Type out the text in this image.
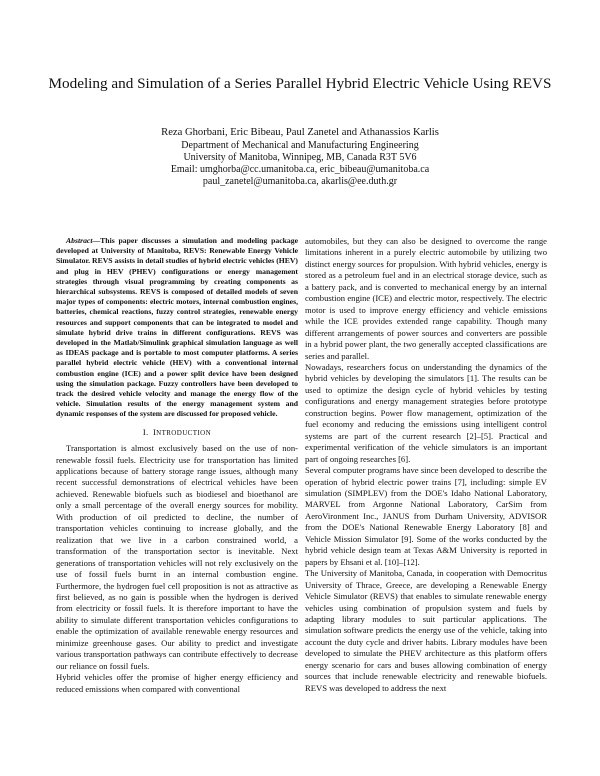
Modeling and Simulation of a Series Parallel Hybrid Electric Vehicle Using REVS
Reza Ghorbani, Eric Bibeau, Paul Zanetel and Athanassios Karlis
Department of Mechanical and Manufacturing Engineering
University of Manitoba, Winnipeg, MB, Canada R3T 5V6
Email: umghorba@cc.umanitoba.ca, eric_bibeau@umanitoba.ca
paul_zanetel@umanitoba.ca, akarlis@ee.duth.gr

Abstract—This paper discusses a simulation and modeling package developed at University of Manitoba, REVS: Renewable Energy Vehicle Simulator. REVS assists in detail studies of hybrid electric vehicles (HEV) and plug in HEV (PHEV) configurations or energy management strategies through visual programming by creating components as hierarchical subsystems. REVS is composed of detailed models of seven major types of components: electric motors, internal combustion engines, batteries, chemical reactions, fuzzy control strategies, renewable energy resources and support components that can be integrated to model and simulate hybrid drive trains in different configurations. REVS was developed in the Matlab/Simulink graphical simulation language as well as IDEAS package and is portable to most computer platforms. A series parallel hybrid electric vehicle (HEV) with a conventional internal combustion engine (ICE) and a power split device have been designed using the simulation package. Fuzzy controllers have been developed to track the desired vehicle velocity and manage the energy flow of the vehicle. Simulation results of the energy management system and dynamic responses of the system are discussed for proposed vehicle.

I. INTRODUCTION

Transportation is almost exclusively based on the use of non-renewable fossil fuels. Electricity use for transportation has limited applications because of battery storage range issues, although many recent successful demonstrations of electrical vehicles have been achieved. Renewable biofuels such as biodiesel and bioethanol are only a small percentage of the overall energy sources for mobility. With production of oil predicted to decline, the number of transportation vehicles continuing to increase globally, and the realization that we live in a carbon constrained world, a transformation of the transportation sector is inevitable. Next generations of transportation vehicles will not rely exclusively on the use of fossil fuels burnt in an internal combustion engine. Furthermore, the hydrogen fuel cell proposition is not as attractive as first believed, as no gain is possible when the hydrogen is derived from electricity or fossil fuels. It is therefore important to have the ability to simulate different transportation vehicles configurations to enable the optimization of available renewable energy resources and minimize greenhouse gases. Our ability to predict and investigate various transportation pathways can contribute effectively to decrease our reliance on fossil fuels.

Hybrid vehicles offer the promise of higher energy efficiency and reduced emissions when compared with conventional

automobiles, but they can also be designed to overcome the range limitations inherent in a purely electric automobile by utilizing two distinct energy sources for propulsion. With hybrid vehicles, energy is stored as a petroleum fuel and in an electrical storage device, such as a battery pack, and is converted to mechanical energy by an internal combustion engine (ICE) and electric motor, respectively. The electric motor is used to improve energy efficiency and vehicle emissions while the ICE provides extended range capability. Though many different arrangements of power sources and converters are possible in a hybrid power plant, the two generally accepted classifications are series and parallel.

Nowadays, researchers focus on understanding the dynamics of the hybrid vehicles by developing the simulators [1]. The results can be used to optimize the design cycle of hybrid vehicles by testing configurations and energy management strategies before prototype construction begins. Power flow management, optimization of the fuel economy and reducing the emissions using intelligent control systems are part of the current research [2]–[5]. Practical and experimental verification of the vehicle simulators is an important part of ongoing researches [6].

Several computer programs have since been developed to describe the operation of hybrid electric power trains [7], including: simple EV simulation (SIMPLEV) from the DOE's Idaho National Laboratory, MARVEL from Argonne National Laboratory, CarSim from AeroVironment Inc., JANUS from Durham University, ADVISOR from the DOE's National Renewable Energy Laboratory [8] and Vehicle Mission Simulator [9]. Some of the works conducted by the hybrid vehicle design team at Texas A&M University is reported in papers by Ehsani et al. [10]–[12].

The University of Manitoba, Canada, in cooperation with Democritus University of Thrace, Greece, are developing a Renewable Energy Vehicle Simulator (REVS) that enables to simulate renewable energy vehicles using combination of propulsion system and fuels by adapting library modules to suit particular applications. The simulation software predicts the energy use of the vehicle, taking into account the duty cycle and driver habits. Library modules have been developed to simulate the PHEV architecture as this platform offers energy scenario for cars and buses allowing combination of energy sources that include renewable electricity and renewable biofuels. REVS was developed to address the next
